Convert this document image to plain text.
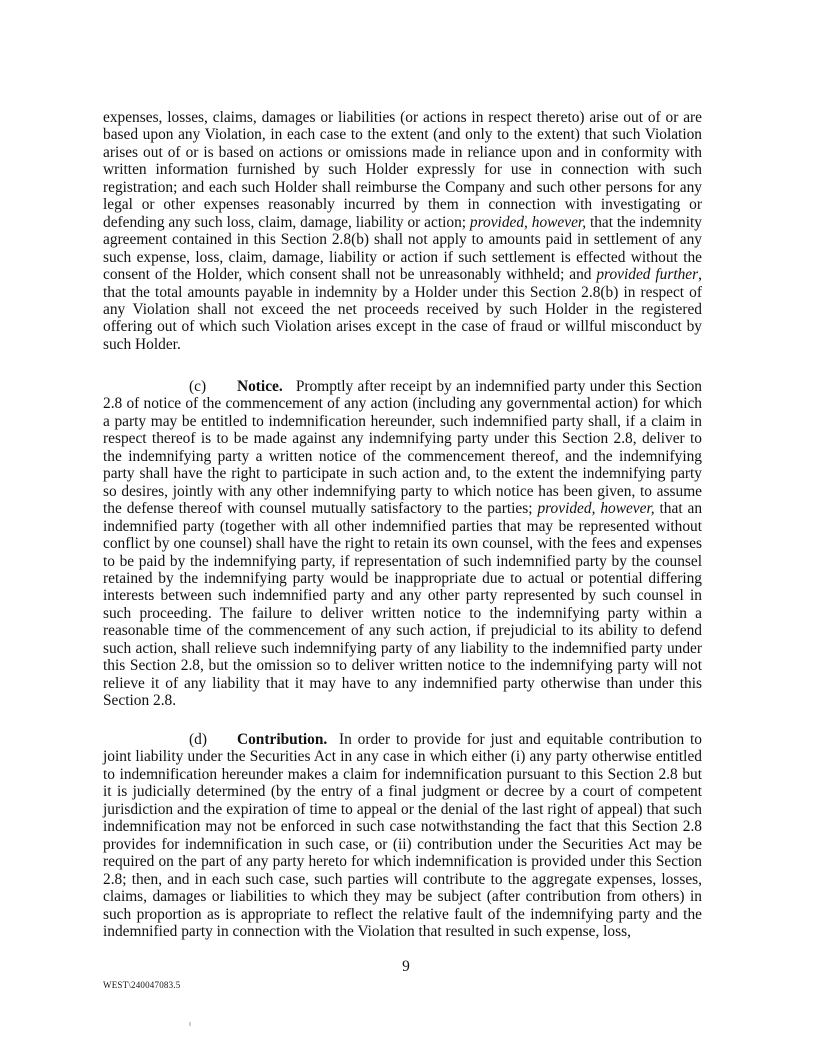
expenses, losses, claims, damages or liabilities (or actions in respect thereto) arise out of or are based upon any Violation, in each case to the extent (and only to the extent) that such Violation arises out of or is based on actions or omissions made in reliance upon and in conformity with written information furnished by such Holder expressly for use in connection with such registration; and each such Holder shall reimburse the Company and such other persons for any legal or other expenses reasonably incurred by them in connection with investigating or defending any such loss, claim, damage, liability or action; provided, however, that the indemnity agreement contained in this Section 2.8(b) shall not apply to amounts paid in settlement of any such expense, loss, claim, damage, liability or action if such settlement is effected without the consent of the Holder, which consent shall not be unreasonably withheld; and provided further, that the total amounts payable in indemnity by a Holder under this Section 2.8(b) in respect of any Violation shall not exceed the net proceeds received by such Holder in the registered offering out of which such Violation arises except in the case of fraud or willful misconduct by such Holder.
(c) Notice. Promptly after receipt by an indemnified party under this Section 2.8 of notice of the commencement of any action (including any governmental action) for which a party may be entitled to indemnification hereunder, such indemnified party shall, if a claim in respect thereof is to be made against any indemnifying party under this Section 2.8, deliver to the indemnifying party a written notice of the commencement thereof, and the indemnifying party shall have the right to participate in such action and, to the extent the indemnifying party so desires, jointly with any other indemnifying party to which notice has been given, to assume the defense thereof with counsel mutually satisfactory to the parties; provided, however, that an indemnified party (together with all other indemnified parties that may be represented without conflict by one counsel) shall have the right to retain its own counsel, with the fees and expenses to be paid by the indemnifying party, if representation of such indemnified party by the counsel retained by the indemnifying party would be inappropriate due to actual or potential differing interests between such indemnified party and any other party represented by such counsel in such proceeding. The failure to deliver written notice to the indemnifying party within a reasonable time of the commencement of any such action, if prejudicial to its ability to defend such action, shall relieve such indemnifying party of any liability to the indemnified party under this Section 2.8, but the omission so to deliver written notice to the indemnifying party will not relieve it of any liability that it may have to any indemnified party otherwise than under this Section 2.8.
(d) Contribution. In order to provide for just and equitable contribution to joint liability under the Securities Act in any case in which either (i) any party otherwise entitled to indemnification hereunder makes a claim for indemnification pursuant to this Section 2.8 but it is judicially determined (by the entry of a final judgment or decree by a court of competent jurisdiction and the expiration of time to appeal or the denial of the last right of appeal) that such indemnification may not be enforced in such case notwithstanding the fact that this Section 2.8 provides for indemnification in such case, or (ii) contribution under the Securities Act may be required on the part of any party hereto for which indemnification is provided under this Section 2.8; then, and in each such case, such parties will contribute to the aggregate expenses, losses, claims, damages or liabilities to which they may be subject (after contribution from others) in such proportion as is appropriate to reflect the relative fault of the indemnifying party and the indemnified party in connection with the Violation that resulted in such expense, loss,
9
WEST\240047083.5
